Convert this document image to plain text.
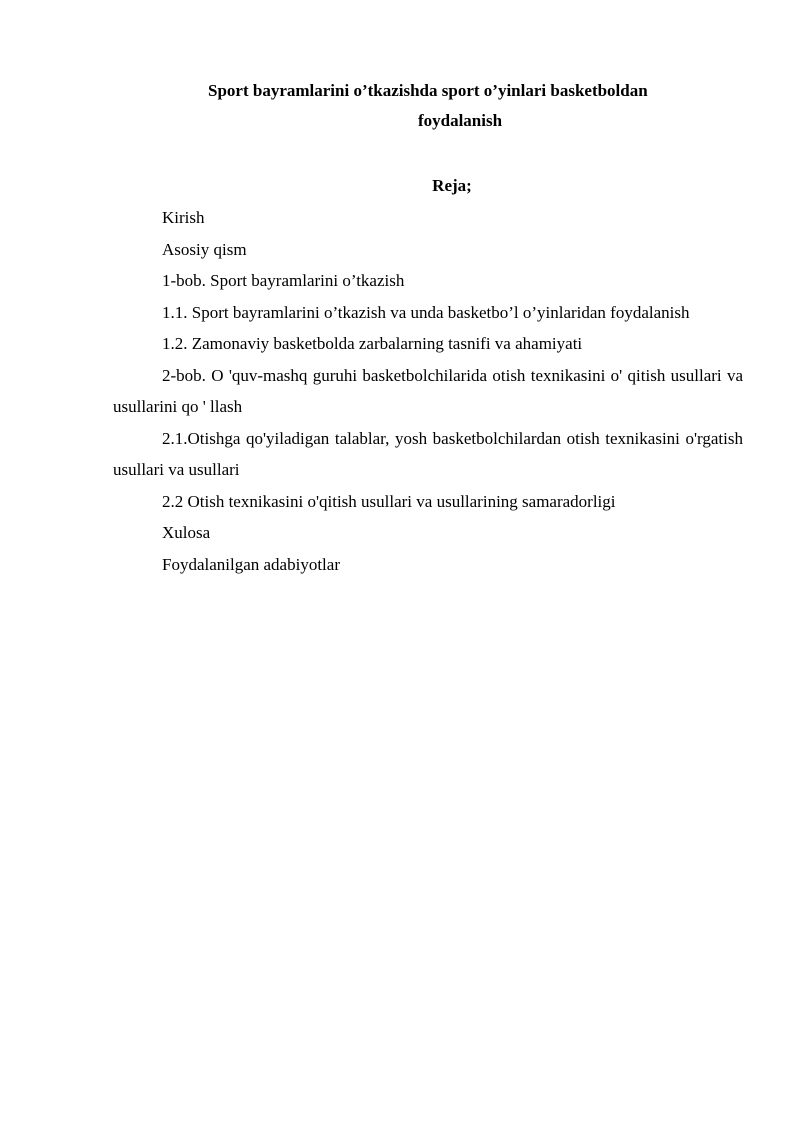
Sport bayramlarini o’tkazishda sport o’yinlari basketboldan
foydalanish
Reja;

Kirish

Asosiy qism

1-bob. Sport bayramlarini o’tkazish

1.1. Sport bayramlarini o’tkazish va unda basketbo’l o’yinlaridan foydalanish

1.2. Zamonaviy basketbolda zarbalarning tasnifi va ahamiyati

2-bob. O 'quv-mashq guruhi basketbolchilarida otish texnikasini o' qitish usullari va usullarini qo ' llash

2.1.Otishga qo'yiladigan talablar, yosh basketbolchilardan otish texnikasini o'rgatish usullari va usullari

2.2 Otish texnikasini o'qitish usullari va usullarining samaradorligi

Xulosa

Foydalanilgan adabiyotlar
